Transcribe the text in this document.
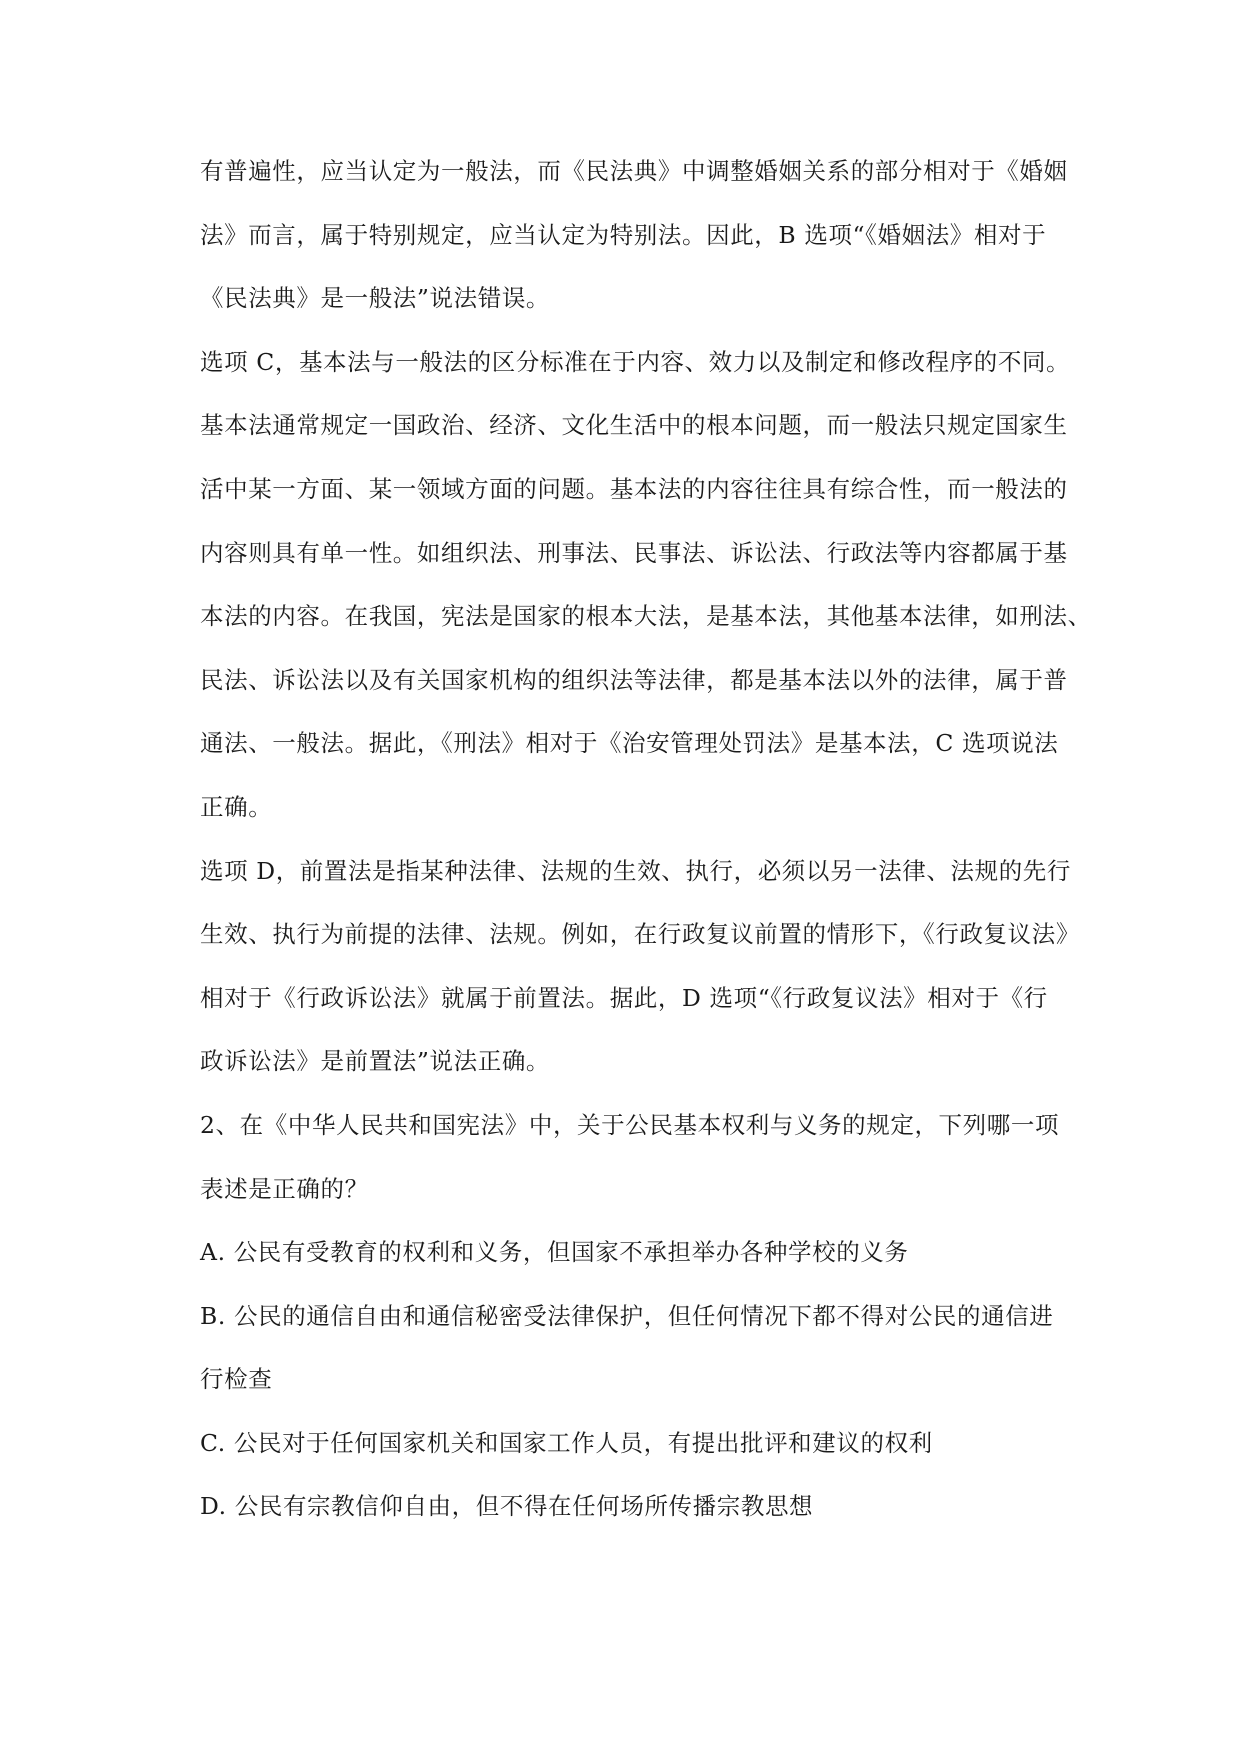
有普遍性，应当认定为一般法，而《民法典》中调整婚姻关系的部分相对于《婚姻
法》而言，属于特别规定，应当认定为特别法。因此，B 选项“《婚姻法》相对于
《民法典》是一般法”说法错误。
选项 C，基本法与一般法的区分标准在于内容、效力以及制定和修改程序的不同。
基本法通常规定一国政治、经济、文化生活中的根本问题，而一般法只规定国家生
活中某一方面、某一领域方面的问题。基本法的内容往往具有综合性，而一般法的
内容则具有单一性。如组织法、刑事法、民事法、诉讼法、行政法等内容都属于基
本法的内容。在我国，宪法是国家的根本大法，是基本法，其他基本法律，如刑法、
民法、诉讼法以及有关国家机构的组织法等法律，都是基本法以外的法律，属于普
通法、一般法。据此，《刑法》相对于《治安管理处罚法》是基本法，C 选项说法
正确。
选项 D，前置法是指某种法律、法规的生效、执行，必须以另一法律、法规的先行
生效、执行为前提的法律、法规。例如，在行政复议前置的情形下，《行政复议法》
相对于《行政诉讼法》就属于前置法。据此，D 选项“《行政复议法》相对于《行
政诉讼法》是前置法”说法正确。
2、在《中华人民共和国宪法》中，关于公民基本权利与义务的规定，下列哪一项
表述是正确的？
A. 公民有受教育的权利和义务，但国家不承担举办各种学校的义务
B. 公民的通信自由和通信秘密受法律保护，但任何情况下都不得对公民的通信进
行检查
C. 公民对于任何国家机关和国家工作人员，有提出批评和建议的权利
D. 公民有宗教信仰自由，但不得在任何场所传播宗教思想
